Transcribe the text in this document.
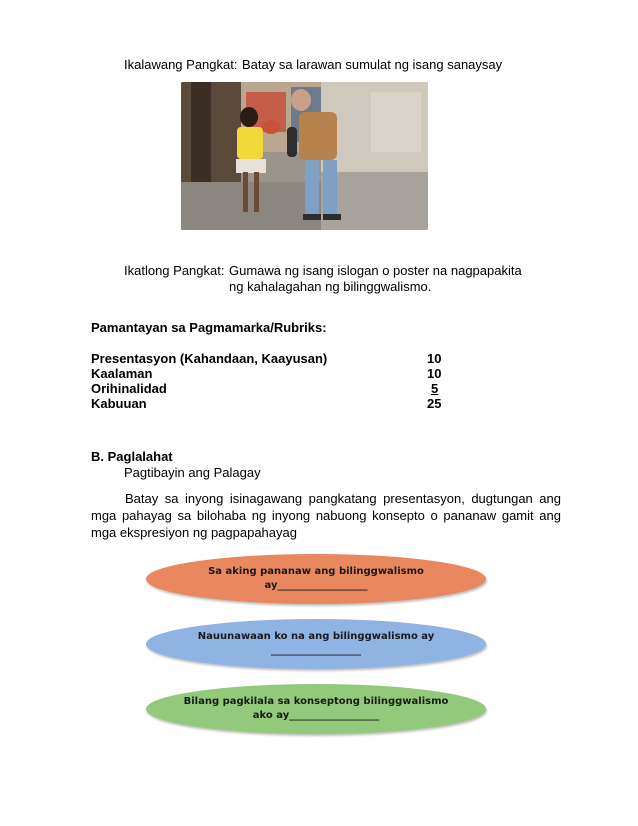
Ikalawang Pangkat: Batay sa larawan sumulat ng isang sanaysay
Ikatlong Pangkat: Gumawa ng isang islogan o poster na nagpapakita
ng kahalagahan ng bilinggwalismo.
Pamantayan sa Pagmamarka/Rubriks:
Presentasyon (Kahandaan, Kaayusan)	10
Kaalaman	10
Orihinalidad	5
Kabuuan	25
B. Paglalahat
Pagtibayin ang Palagay

Batay sa inyong isinagawang pangkatang presentasyon, dugtungan ang mga pahayag sa bilohaba ng inyong nabuong konsepto o pananaw gamit ang mga ekspresiyon ng pagpapahayag

Sa aking pananaw ang bilinggwalismo
ay__________________
Nauunawaan ko na ang bilinggwalismo ay
__________________
Bilang pagkilala sa konseptong bilinggwalismo
ako ay__________________
